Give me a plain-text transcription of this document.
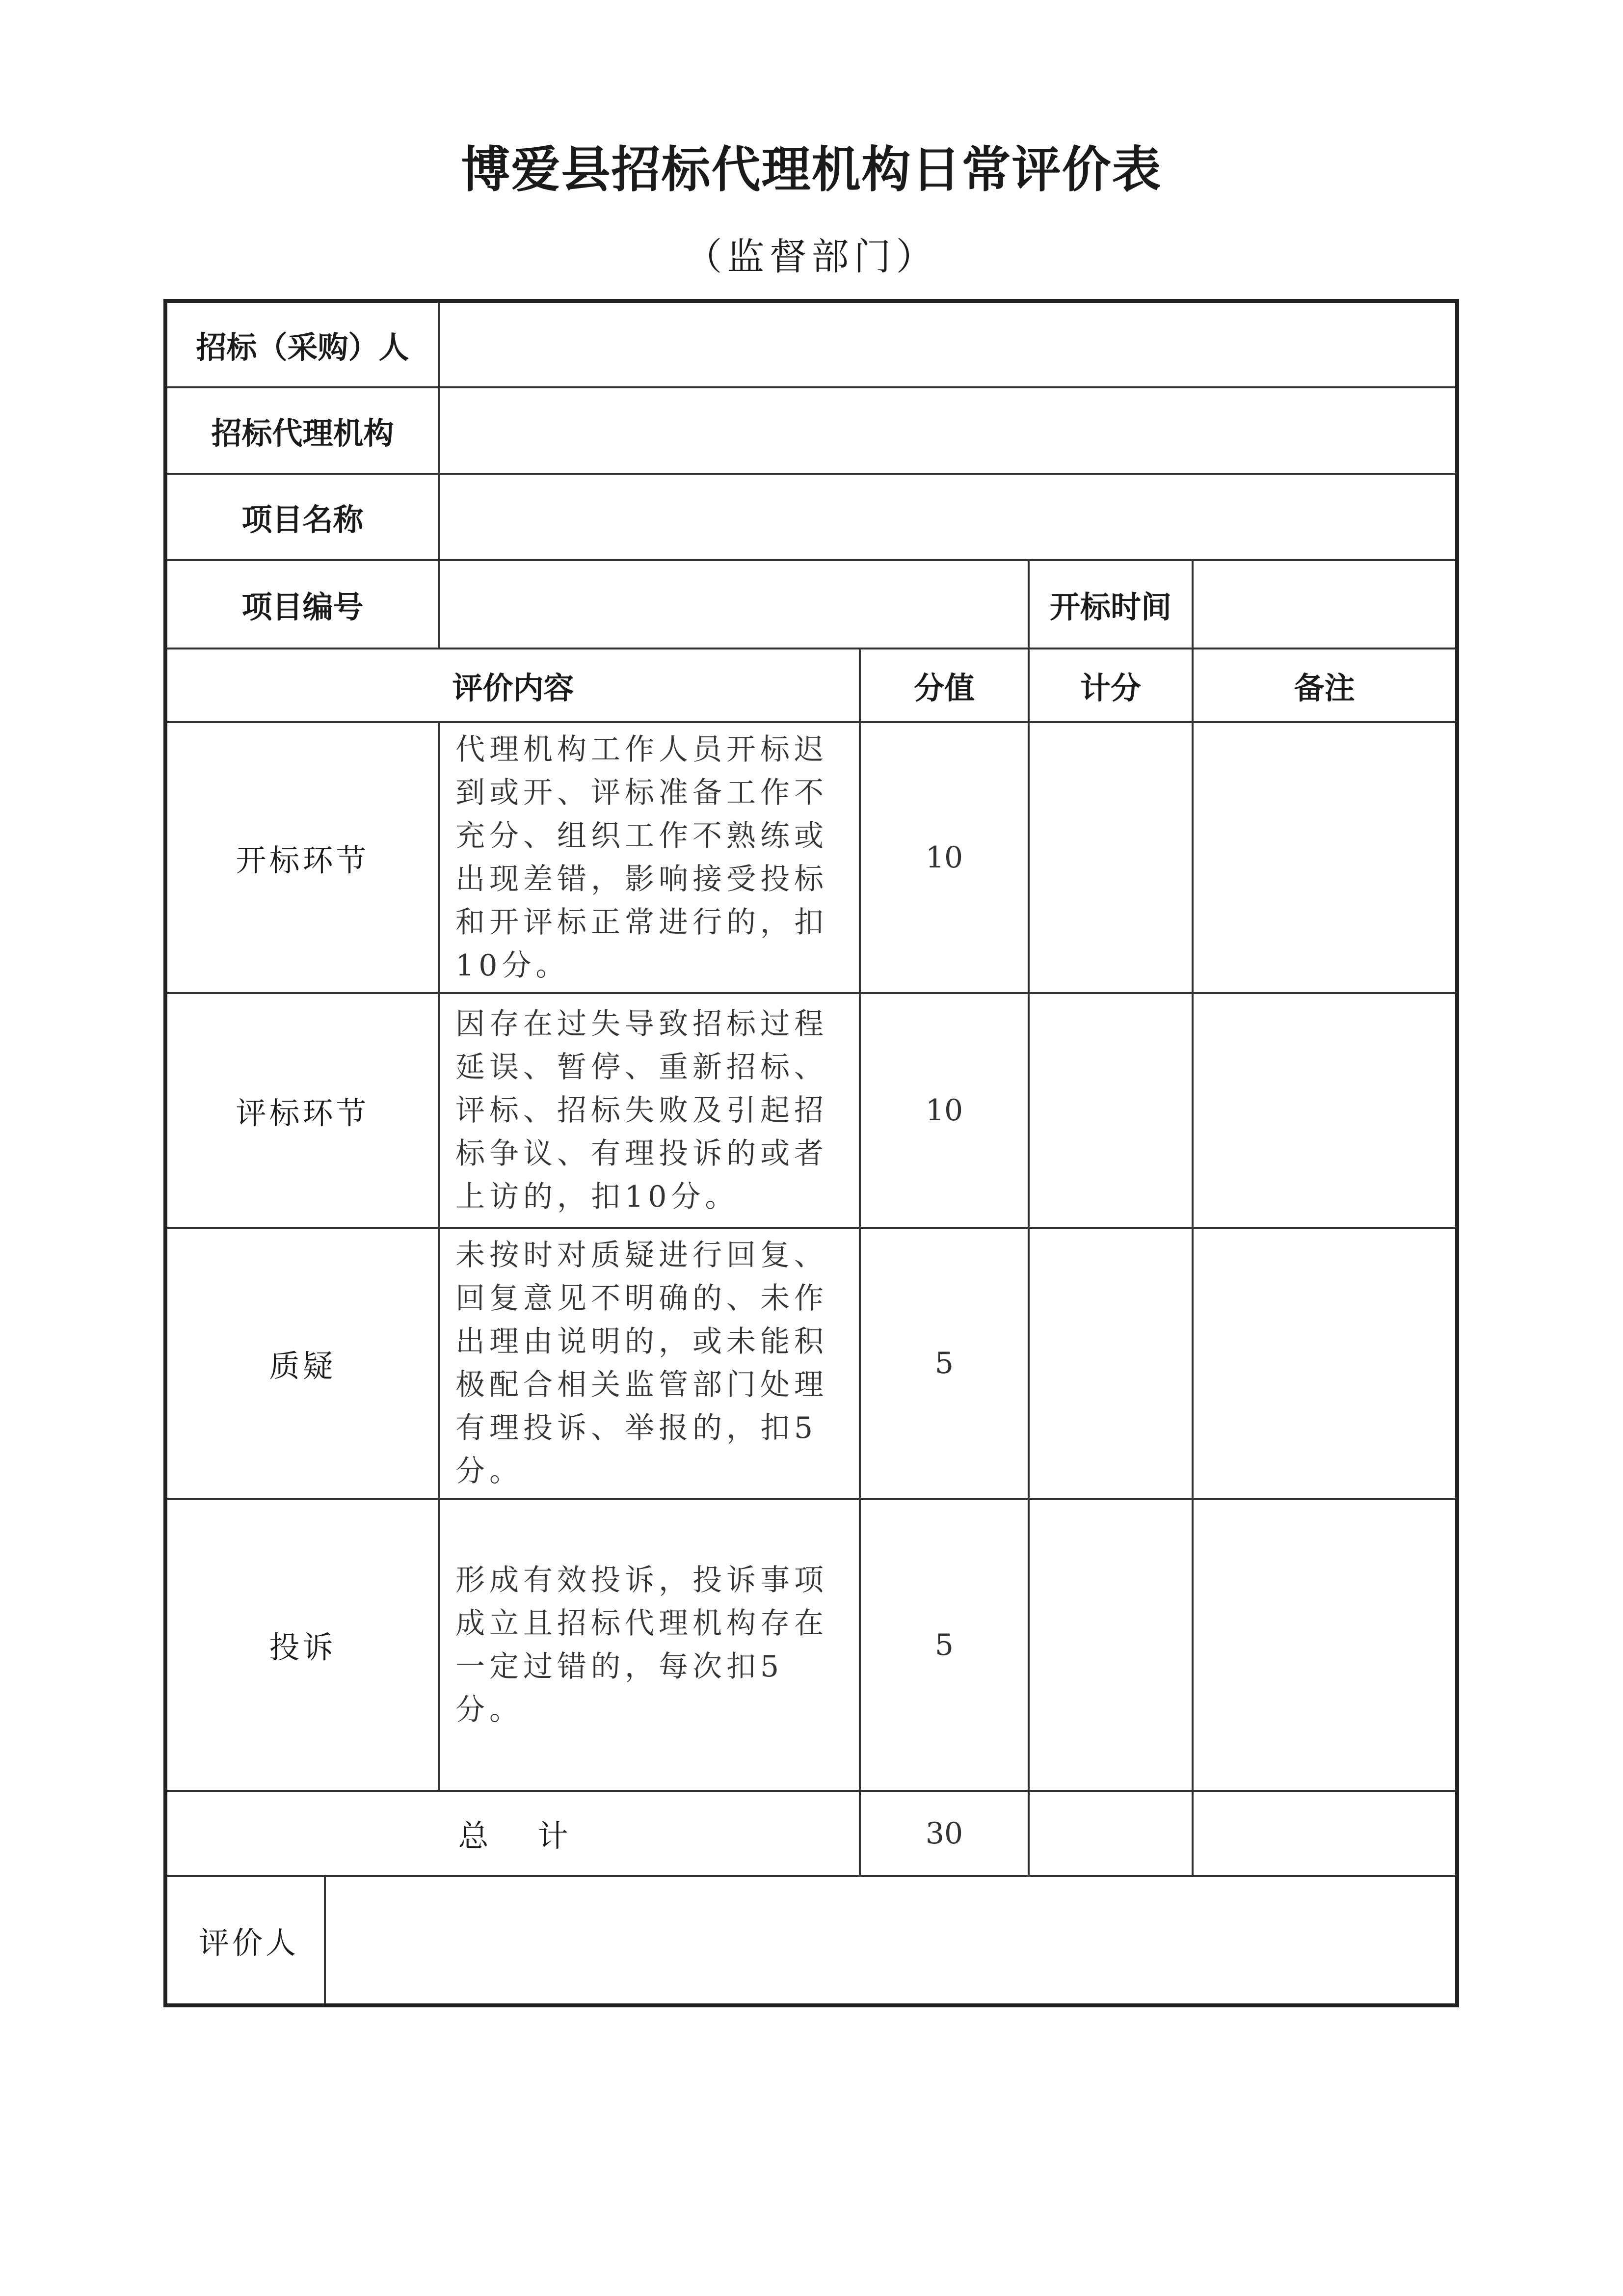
博爱县招标代理机构日常评价表
（监督部门）
招标（采购）人				
招标代理机构				
项目名称				
项目编号			开标时间	
评价内容		分值	计分	备注
开标环节	代理机构工作人员开标迟到或开、评标准备工作不充分、组织工作不熟练或出现差错，影响接受投标和开评标正常进行的，扣10分。	10		
评标环节	因存在过失导致招标过程延误、暂停、重新招标、评标、招标失败及引起招标争议、有理投诉的或者上访的，扣10分。	10		
质疑	未按时对质疑进行回复、回复意见不明确的、未作出理由说明的，或未能积极配合相关监管部门处理有理投诉、举报的，扣5分。	5		
投诉	形成有效投诉，投诉事项成立且招标代理机构存在一定过错的，每次扣5分。	5		
总计		30		

评价人				
